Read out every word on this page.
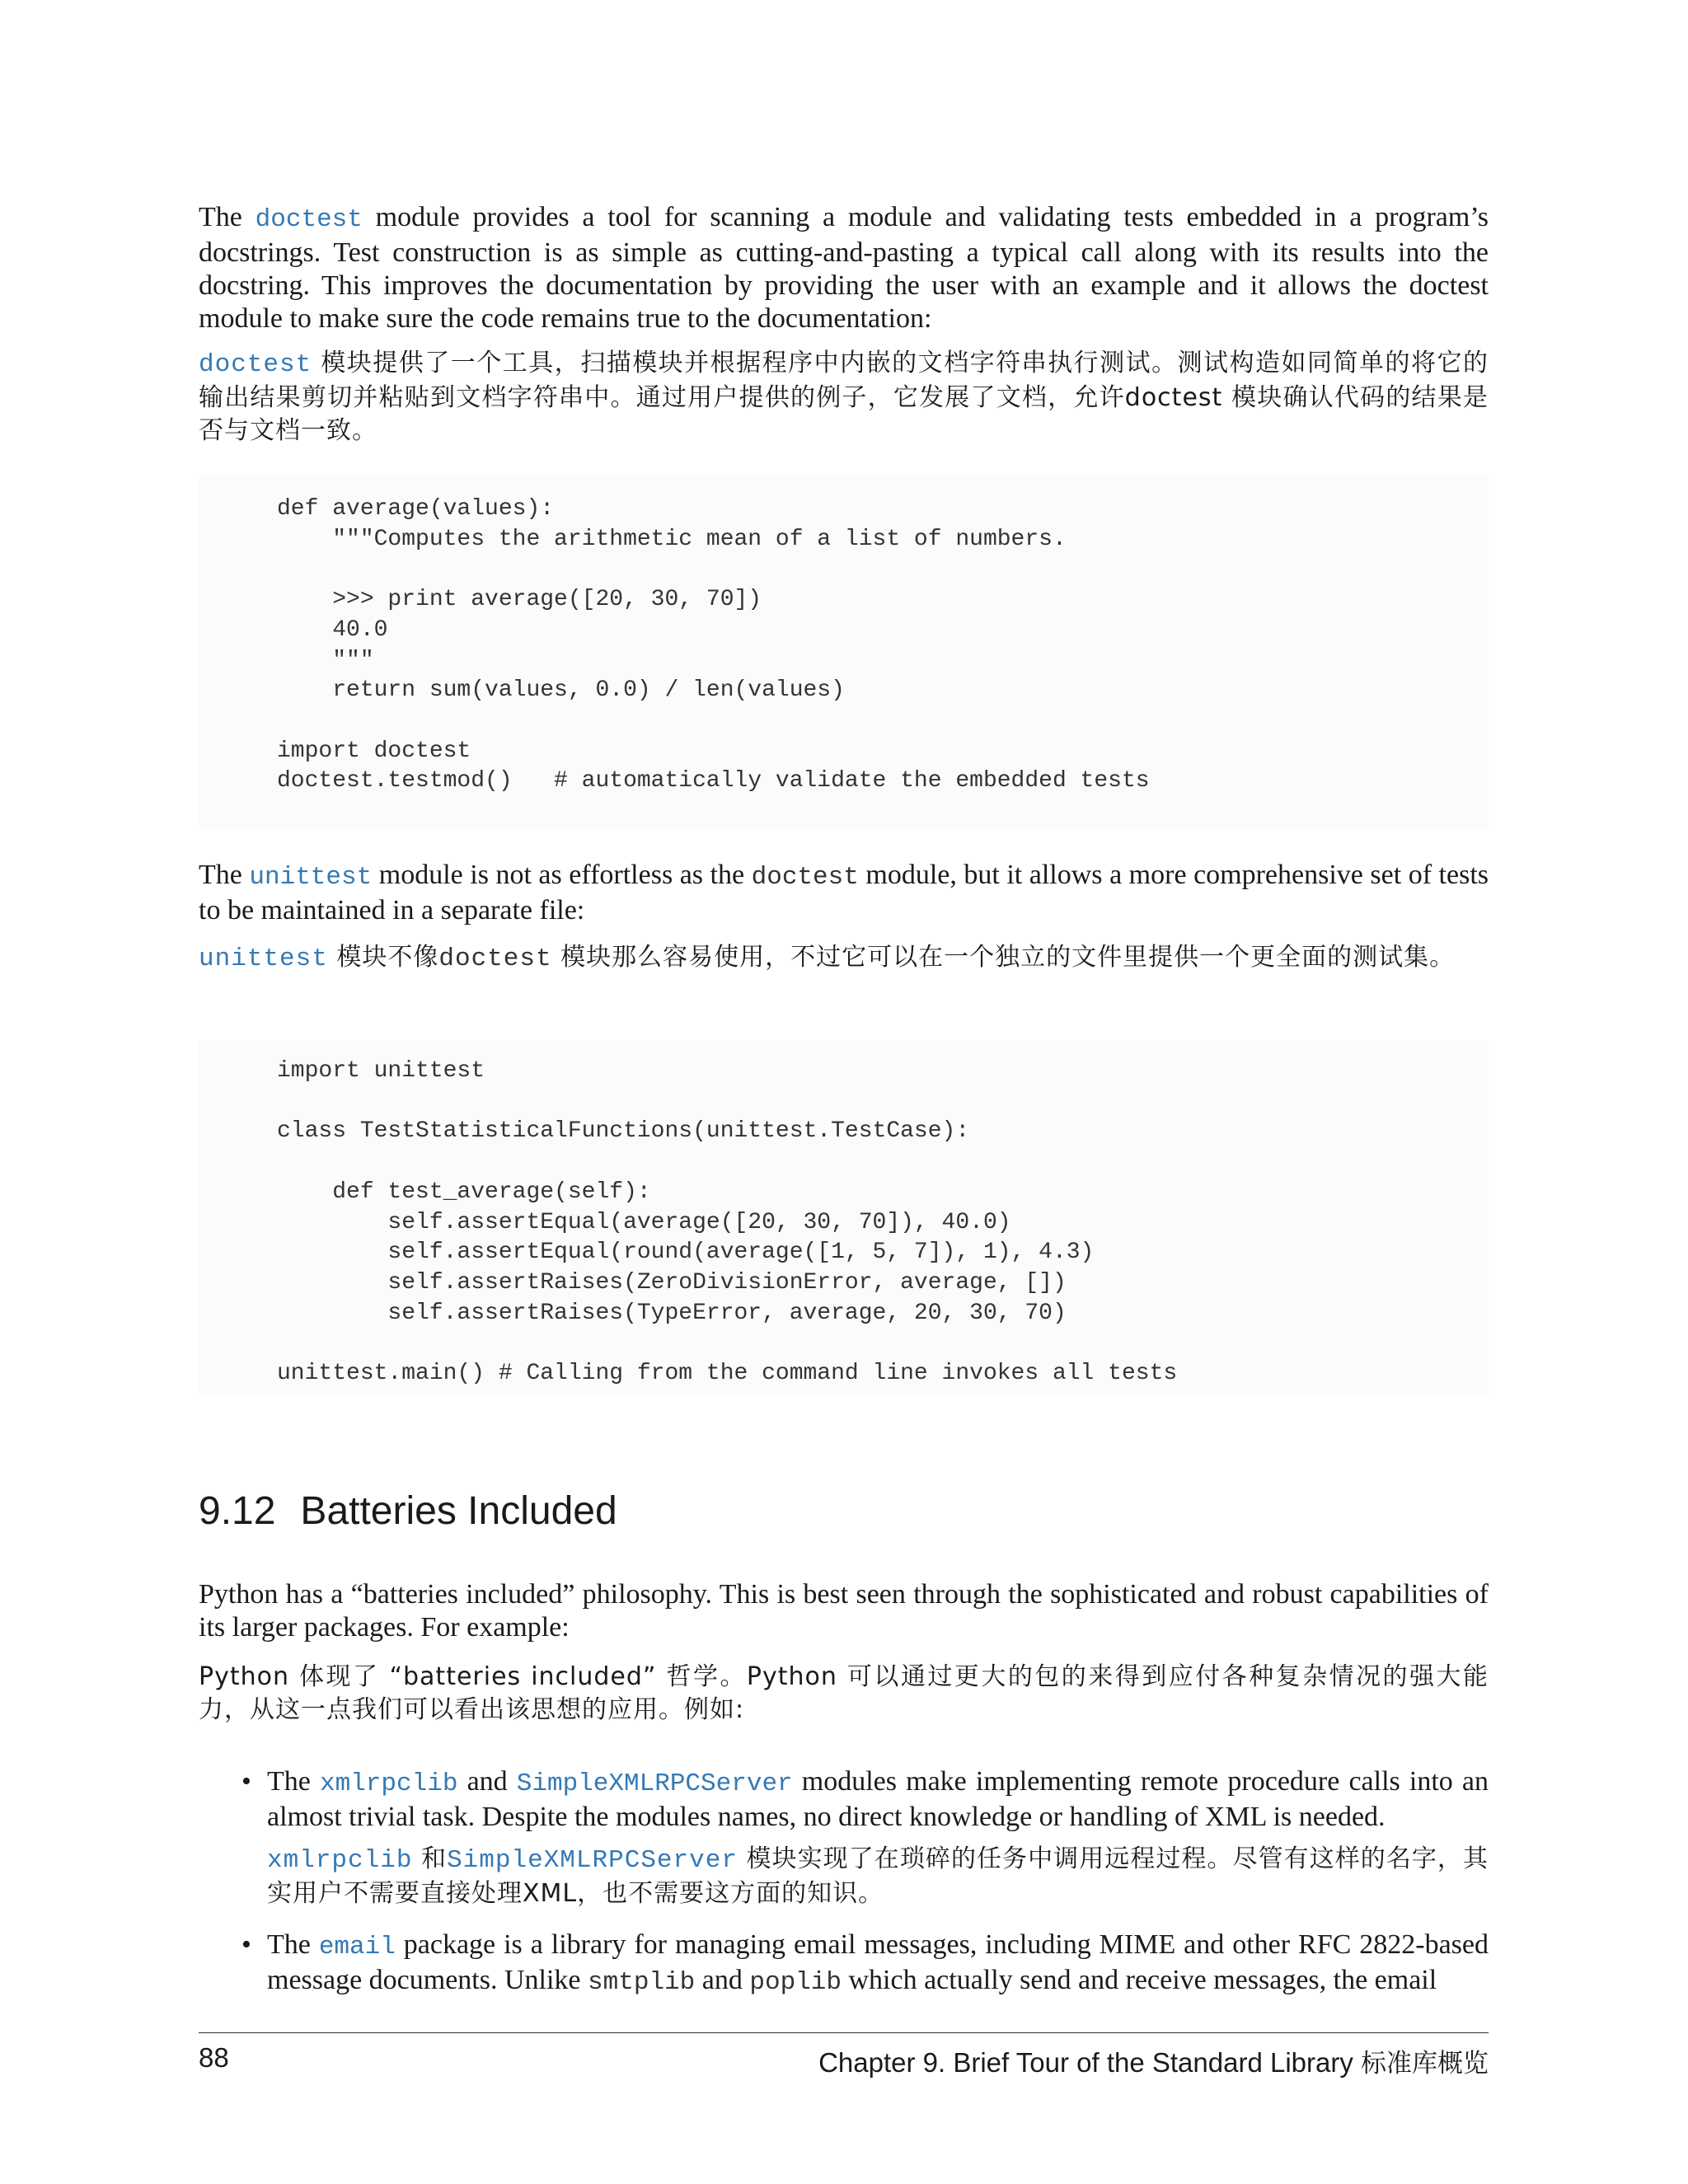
The doctest module provides a tool for scanning a module and validating tests embedded in a program’s docstrings. Test construction is as simple as cutting-and-pasting a typical call along with its results into the docstring. This improves the documentation by providing the user with an example and it allows the doctest module to make sure the code remains true to the documentation:

doctest 模块提供了一个工具，扫描模块并根据程序中内嵌的文档字符串执行测试。测试构造如同简单的将它的输出结果剪切并粘贴到文档字符串中。通过用户提供的例子，它发展了文档，允许doctest 模块确认代码的结果是否与文档一致。

def average(values):
"""Computes the arithmetic mean of a list of numbers.

>>> print average([20, 30, 70])
40.0
"""
return sum(values, 0.0) / len(values)

import doctest
doctest.testmod()   # automatically validate the embedded tests

The unittest module is not as effortless as the doctest module, but it allows a more comprehensive set of tests to be maintained in a separate file:

unittest 模块不像doctest 模块那么容易使用，不过它可以在一个独立的文件里提供一个更全面的测试集。

import unittest

class TestStatisticalFunctions(unittest.TestCase):

def test_average(self):
self.assertEqual(average([20, 30, 70]), 40.0)
self.assertEqual(round(average([1, 5, 7]), 1), 4.3)
self.assertRaises(ZeroDivisionError, average, [])
self.assertRaises(TypeError, average, 20, 30, 70)

unittest.main() # Calling from the command line invokes all tests

9.12 Batteries Included

Python has a “batteries included” philosophy. This is best seen through the sophisticated and robust capabilities of its larger packages. For example:

Python 体现了 “batteries included” 哲学。Python 可以通过更大的包的来得到应付各种复杂情况的强大能力，从这一点我们可以看出该思想的应用。例如:

• The xmlrpclib and SimpleXMLRPCServer modules make implementing remote procedure calls into an almost trivial task. Despite the modules names, no direct knowledge or handling of XML is needed.

xmlrpclib 和SimpleXMLRPCServer 模块实现了在琐碎的任务中调用远程过程。尽管有这样的名字，其实用户不需要直接处理XML，也不需要这方面的知识。

• The email package is a library for managing email messages, including MIME and other RFC 2822-based message documents. Unlike smtplib and poplib which actually send and receive messages, the email

88	Chapter 9. Brief Tour of the Standard Library 标准库概览
